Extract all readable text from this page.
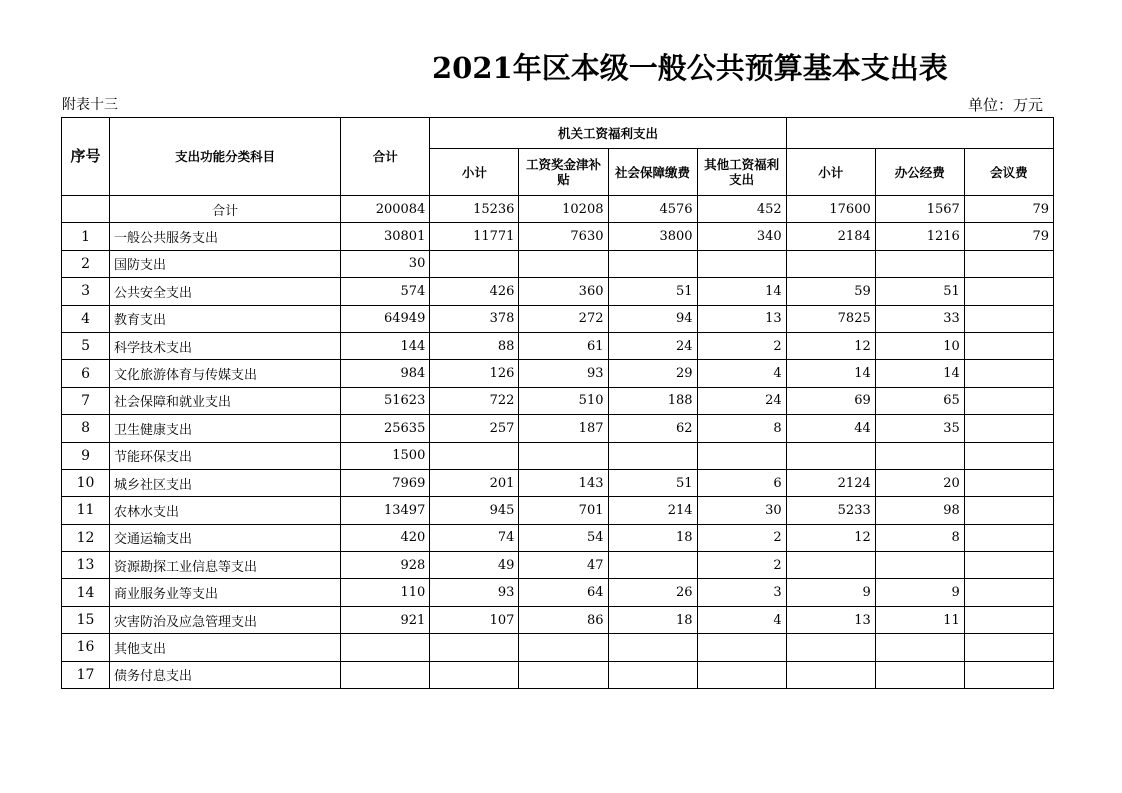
2021年区本级一般公共预算基本支出表
附表十三	单位：万元
序号	支出功能分类科目	合计	机关工资福利支出						
			小计	工资奖金津补贴	社会保障缴费	其他工资福利支出	小计	办公经费	会议费
	合计	200084	15236	10208	4576	452	17600	1567	79
1	一般公共服务支出	30801	11771	7630	3800	340	2184	1216	79
2	国防支出	30							
3	公共安全支出	574	426	360	51	14	59	51	
4	教育支出	64949	378	272	94	13	7825	33	
5	科学技术支出	144	88	61	24	2	12	10	
6	文化旅游体育与传媒支出	984	126	93	29	4	14	14	
7	社会保障和就业支出	51623	722	510	188	24	69	65	
8	卫生健康支出	25635	257	187	62	8	44	35	
9	节能环保支出	1500							
10	城乡社区支出	7969	201	143	51	6	2124	20	
11	农林水支出	13497	945	701	214	30	5233	98	
12	交通运输支出	420	74	54	18	2	12	8	
13	资源勘探工业信息等支出	928	49	47		2			
14	商业服务业等支出	110	93	64	26	3	9	9	
15	灾害防治及应急管理支出	921	107	86	18	4	13	11	
16	其他支出								
17	债务付息支出								
